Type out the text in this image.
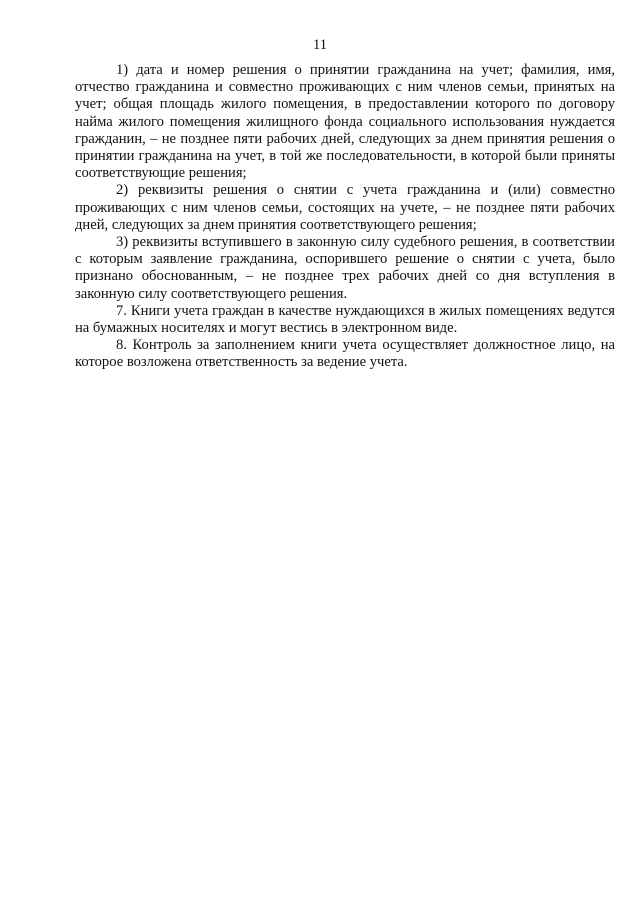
11

1) дата и номер решения о принятии гражданина на учет; фамилия, имя, отчество гражданина и совместно проживающих с ним членов семьи, принятых на учет; общая площадь жилого помещения, в предоставлении которого по договору найма жилого помещения жилищного фонда социального использования нуждается гражданин, – не позднее пяти рабочих дней, следующих за днем принятия решения о принятии гражданина на учет, в той же последовательности, в которой были приняты соответствующие решения;

2) реквизиты решения о снятии с учета гражданина и (или) совместно проживающих с ним членов семьи, состоящих на учете, – не позднее пяти рабочих дней, следующих за днем принятия соответствующего решения;

3) реквизиты вступившего в законную силу судебного решения, в соответствии с которым заявление гражданина, оспорившего решение о снятии с учета, было признано обоснованным, – не позднее трех рабочих дней со дня вступления в законную силу соответствующего решения.

7. Книги учета граждан в качестве нуждающихся в жилых помещениях ведутся на бумажных носителях и могут вестись в электронном виде.

8. Контроль за заполнением книги учета осуществляет должностное лицо, на которое возложена ответственность за ведение учета.
